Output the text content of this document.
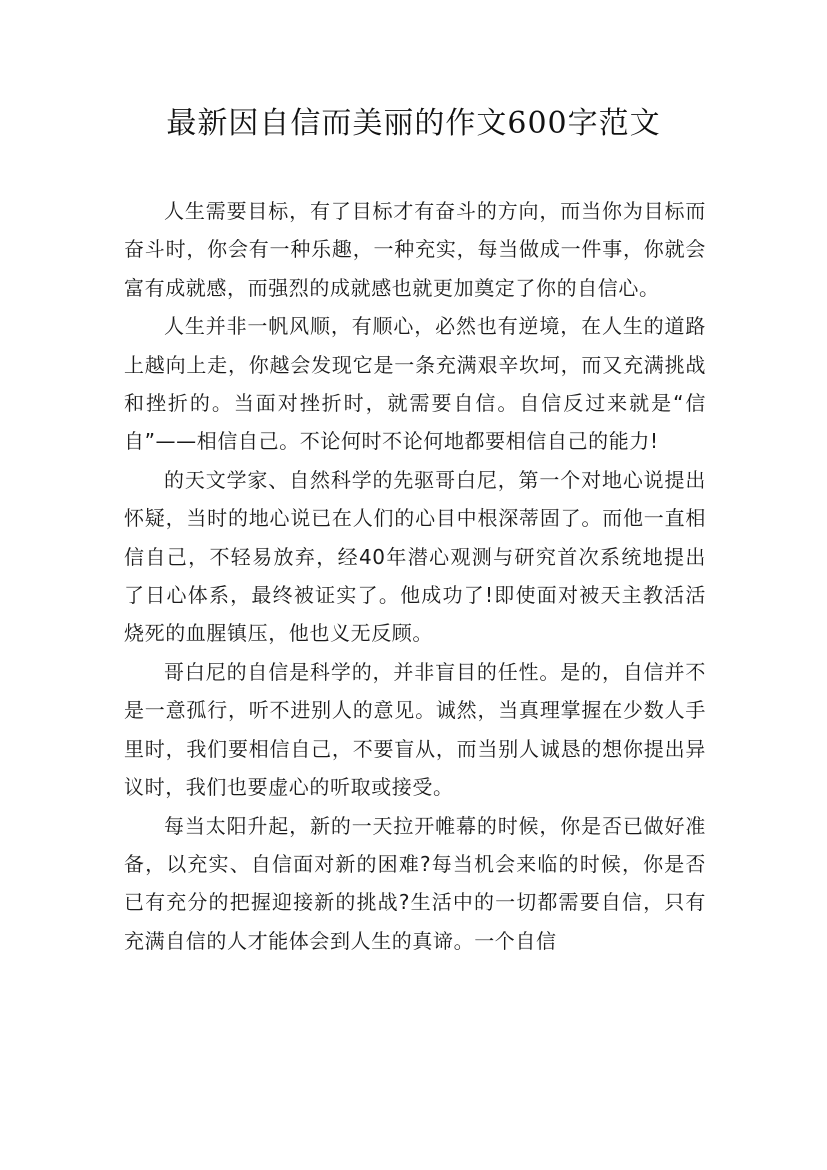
最新因自信而美丽的作文600字范文

人生需要目标，有了目标才有奋斗的方向，而当你为目标而奋斗时，你会有一种乐趣，一种充实，每当做成一件事，你就会富有成就感，而强烈的成就感也就更加奠定了你的自信心。

人生并非一帆风顺，有顺心，必然也有逆境，在人生的道路上越向上走，你越会发现它是一条充满艰辛坎坷，而又充满挑战和挫折的。当面对挫折时，就需要自信。自信反过来就是“信自”——相信自己。不论何时不论何地都要相信自己的能力!

的天文学家、自然科学的先驱哥白尼，第一个对地心说提出怀疑，当时的地心说已在人们的心目中根深蒂固了。而他一直相信自己，不轻易放弃，经40年潜心观测与研究首次系统地提出了日心体系，最终被证实了。他成功了!即使面对被天主教活活烧死的血腥镇压，他也义无反顾。

哥白尼的自信是科学的，并非盲目的任性。是的，自信并不是一意孤行，听不进别人的意见。诚然，当真理掌握在少数人手里时，我们要相信自己，不要盲从，而当别人诚恳的想你提出异议时，我们也要虚心的听取或接受。

每当太阳升起，新的一天拉开帷幕的时候，你是否已做好准备，以充实、自信面对新的困难?每当机会来临的时候，你是否已有充分的把握迎接新的挑战?生活中的一切都需要自信，只有充满自信的人才能体会到人生的真谛。一个自信
